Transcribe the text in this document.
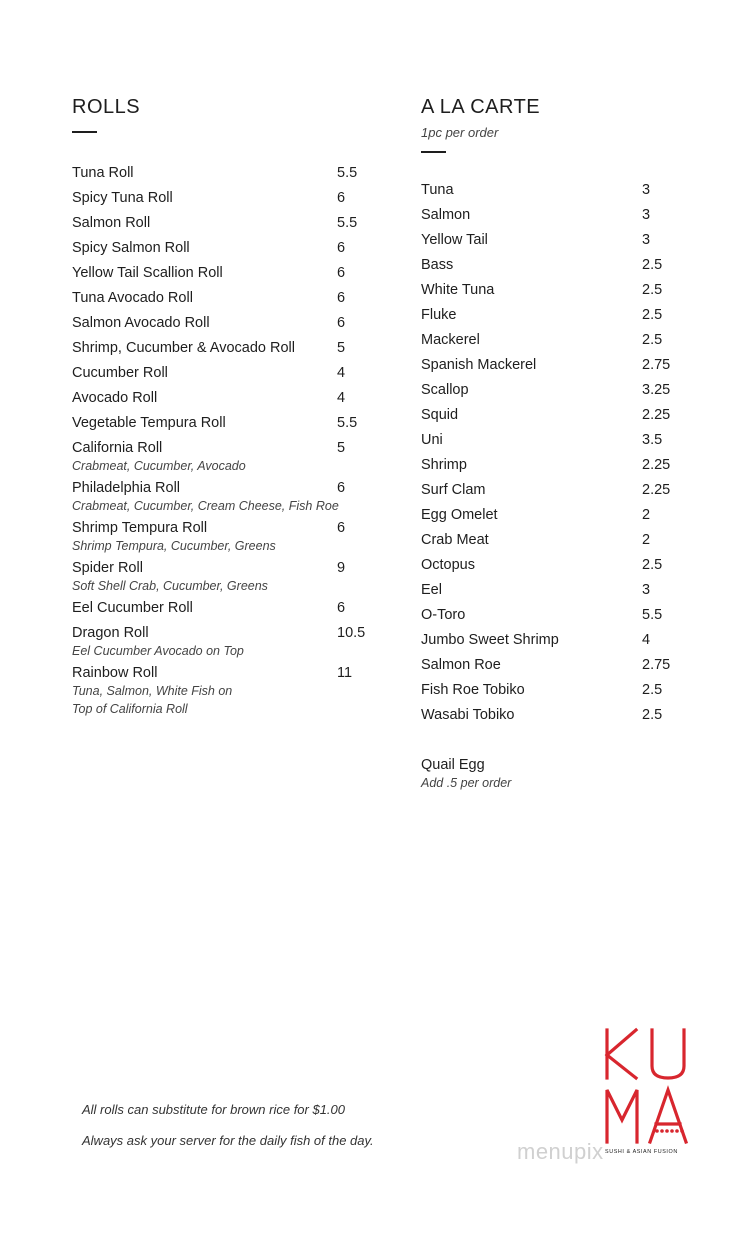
ROLLS
Tuna Roll	5.5
Spicy Tuna Roll	6
Salmon Roll	5.5
Spicy Salmon Roll	6
Yellow Tail Scallion Roll	6
Tuna Avocado Roll	6
Salmon Avocado Roll	6
Shrimp, Cucumber & Avocado Roll	5
Cucumber Roll	4
Avocado Roll	4
Vegetable Tempura Roll	5.5
California Roll	5
Crabmeat, Cucumber, Avocado
Philadelphia Roll	6
Crabmeat, Cucumber, Cream Cheese, Fish Roe
Shrimp Tempura Roll	6
Shrimp Tempura, Cucumber, Greens
Spider Roll	9
Soft Shell Crab, Cucumber, Greens
Eel Cucumber Roll	6
Dragon Roll	10.5
Eel Cucumber Avocado on Top
Rainbow Roll	11
Tuna, Salmon, White Fish on
Top of California Roll
A LA CARTE
1pc per order
Tuna	3
Salmon	3
Yellow Tail	3
Bass	2.5
White Tuna	2.5
Fluke	2.5
Mackerel	2.5
Spanish Mackerel	2.75
Scallop	3.25
Squid	2.25
Uni	3.5
Shrimp	2.25
Surf Clam	2.25
Egg Omelet	2
Crab Meat	2
Octopus	2.5
Eel	3
O-Toro	5.5
Jumbo Sweet Shrimp	4
Salmon Roe	2.75
Fish Roe Tobiko	2.5
Wasabi Tobiko	2.5
Quail Egg
Add .5 per order
All rolls can substitute for brown rice for $1.00
Always ask your server for the daily fish of the day.
SUSHI & ASIAN FUSION
menupix
